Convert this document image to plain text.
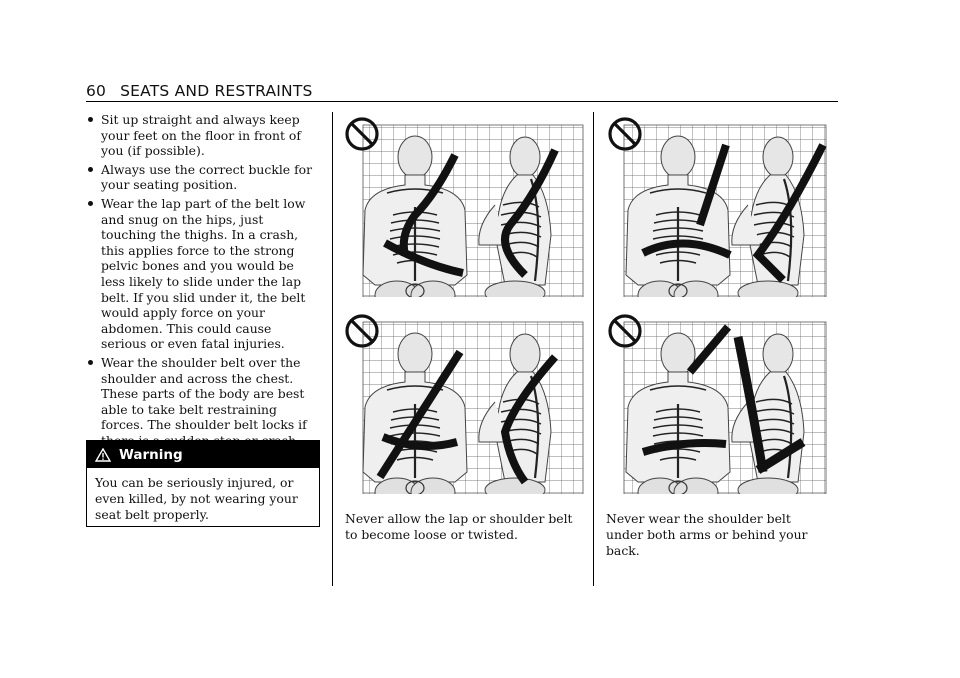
60 SEATS AND RESTRAINTS
Sit up straight and always keep your feet on the floor in front of you (if possible).
Always use the correct buckle for your seating position.
Wear the lap part of the belt low and snug on the hips, just touching the thighs. In a crash, this applies force to the strong pelvic bones and you would be less likely to slide under the lap belt. If you slid under it, the belt would apply force on your abdomen. This could cause serious or even fatal injuries.
Wear the shoulder belt over the shoulder and across the chest. These parts of the body are best able to take belt restraining forces. The shoulder belt locks if
Warning
You can be seriously injured, or even killed, by not wearing your seat belt properly.	Never allow the lap or shoulder belt to become loose or twisted.
Never wear the shoulder belt under both arms or behind your back.
